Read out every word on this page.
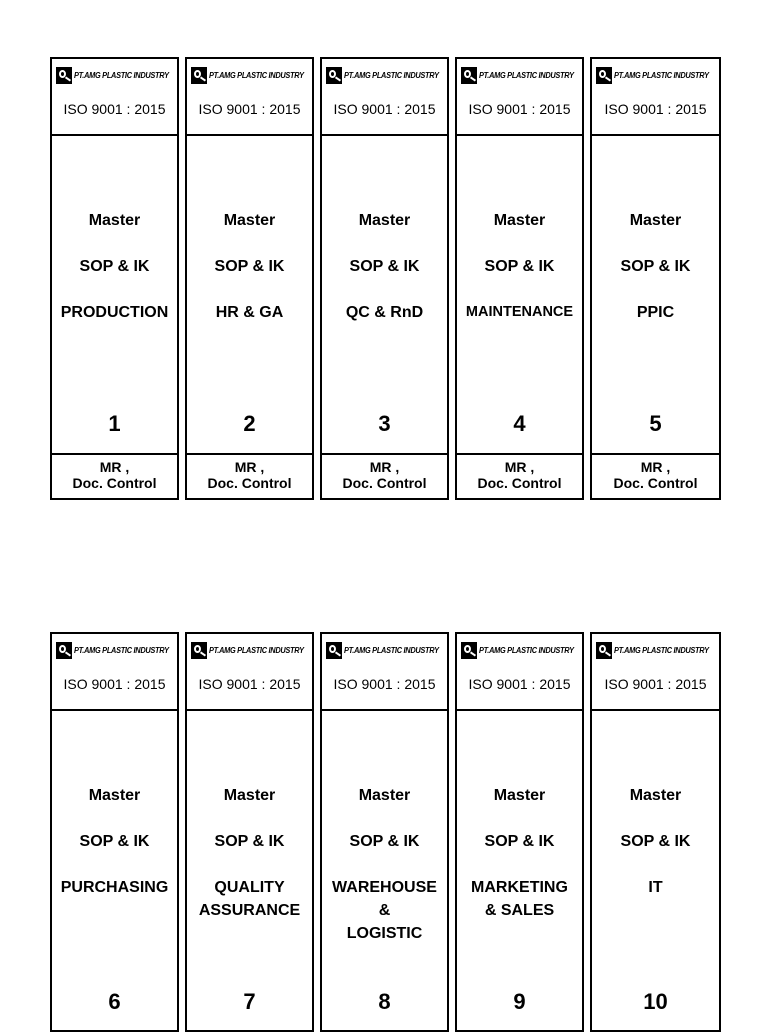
PT.AMG PLASTIC INDUSTRY
ISO 9001 : 2015
Master
SOP & IK
PRODUCTION
1
MR ,
Doc. Control
PT.AMG PLASTIC INDUSTRY
ISO 9001 : 2015
Master
SOP & IK
HR & GA
2
MR ,
Doc. Control
PT.AMG PLASTIC INDUSTRY
ISO 9001 : 2015
Master
SOP & IK
QC & RnD
3
MR ,
Doc. Control
PT.AMG PLASTIC INDUSTRY
ISO 9001 : 2015
Master
SOP & IK
MAINTENANCE
4
MR ,
Doc. Control
PT.AMG PLASTIC INDUSTRY
ISO 9001 : 2015
Master
SOP & IK
PPIC
5
MR ,
Doc. Control
PT.AMG PLASTIC INDUSTRY
ISO 9001 : 2015
Master
SOP & IK
PURCHASING
6
PT.AMG PLASTIC INDUSTRY
ISO 9001 : 2015
Master
SOP & IK
QUALITY
ASSURANCE
7
PT.AMG PLASTIC INDUSTRY
ISO 9001 : 2015
Master
SOP & IK
WAREHOUSE
&
LOGISTIC
8
PT.AMG PLASTIC INDUSTRY
ISO 9001 : 2015
Master
SOP & IK
MARKETING
& SALES
9
PT.AMG PLASTIC INDUSTRY
ISO 9001 : 2015
Master
SOP & IK
IT
10
